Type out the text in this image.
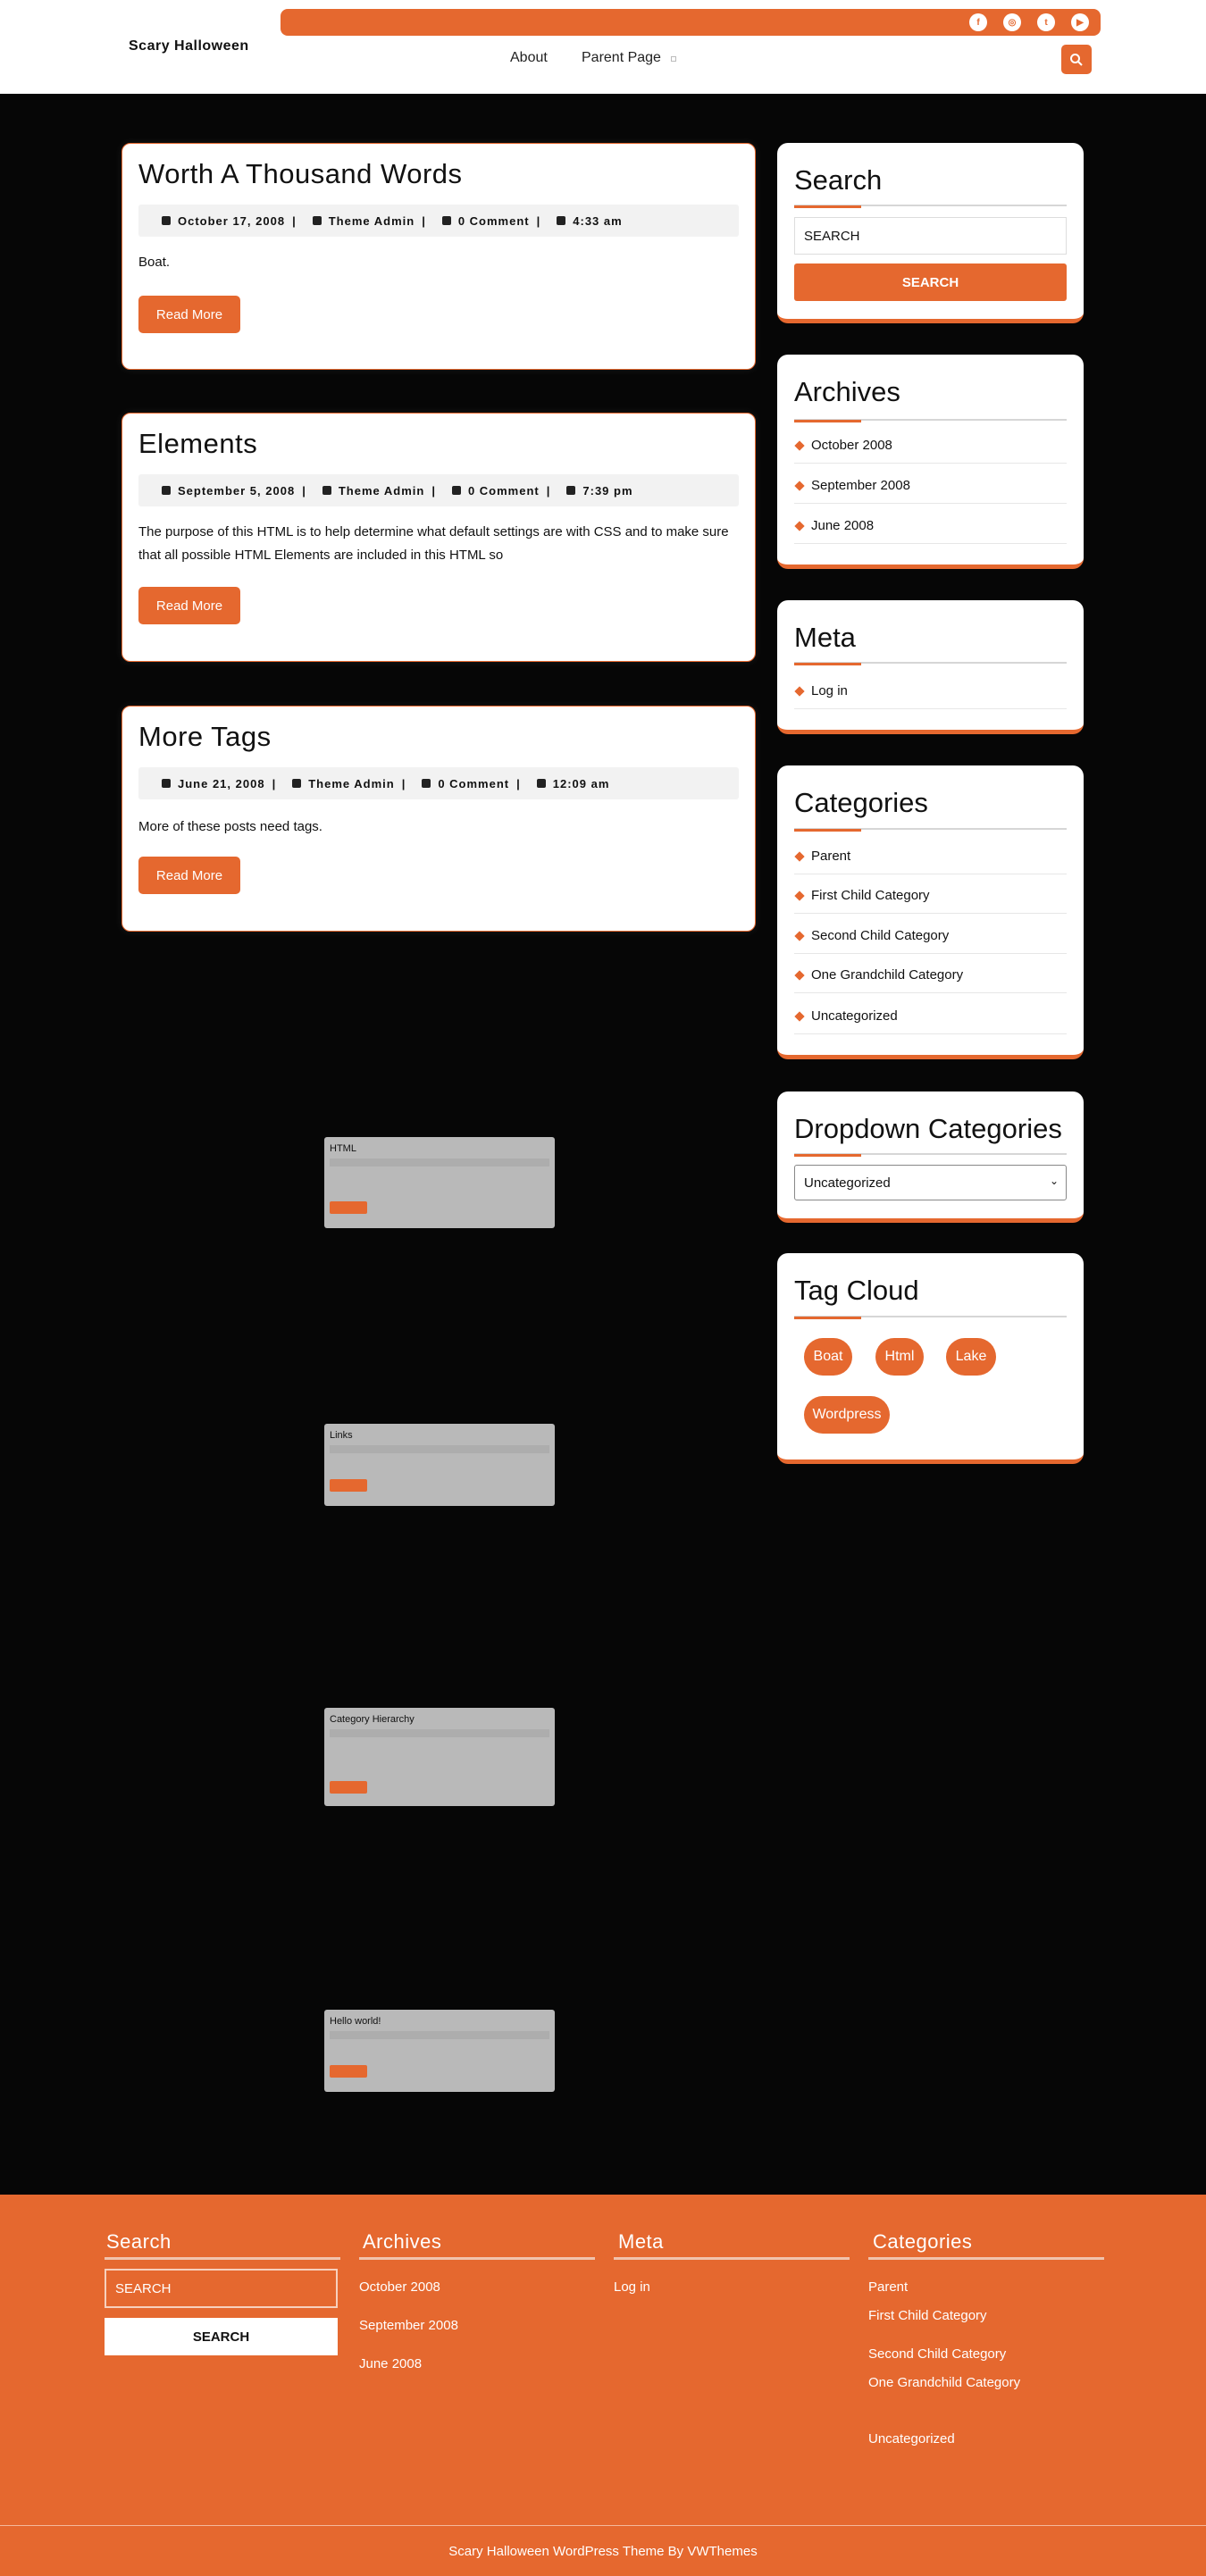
Scary Halloween
f	◎	t	▶
About Parent Page
Worth A Thousand Words
October 17, 2008 |	Theme Admin |	0 Comment |	4:33 am
Boat.
Read More
Elements
September 5, 2008 |	Theme Admin |	0 Comment |	7:39 pm
The purpose of this HTML is to help determine what default settings are with CSS and to make sure that all possible HTML Elements are included in this HTML so
Read More
More Tags
June 21, 2008 |	Theme Admin |	0 Comment |	12:09 am
More of these posts need tags.
Read More
HTML
Links
Category Hierarchy
Hello world!
Search
SEARCH
SEARCH
Archives
October 2008
September 2008
June 2008
Meta
Log in
Categories
Parent
First Child Category
Second Child Category
One Grandchild Category
Uncategorized
Dropdown Categories
Uncategorized	⌄
Tag Cloud
Boat	Html	Lake
Wordpress
Search
SEARCH
SEARCH
Archives
October 2008
September 2008
June 2008
Meta
Log in
Categories
Parent
First Child Category
Second Child Category
One Grandchild Category
Uncategorized
Scary Halloween WordPress Theme By VWThemes
